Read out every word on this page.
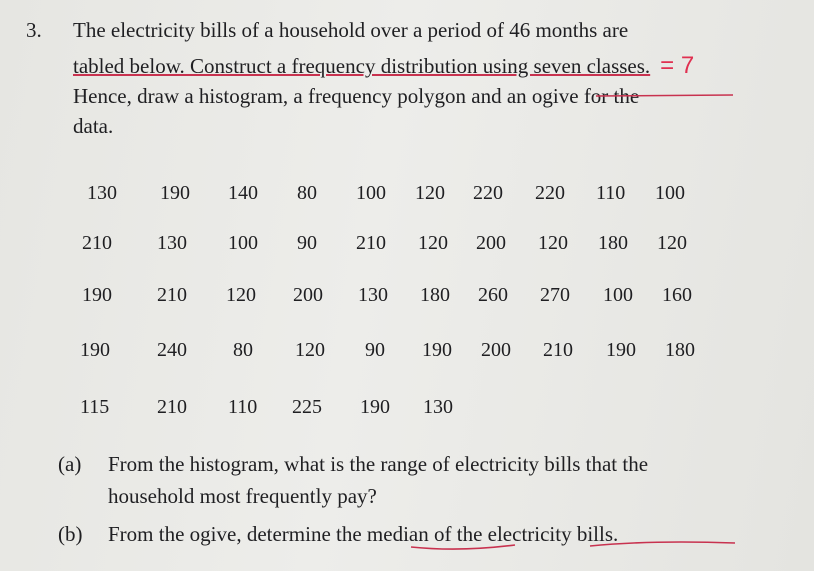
3. The electricity bills of a household over a period of 46 months are
tabled below. Construct a frequency distribution using seven classes. = 7
Hence, draw a histogram, a frequency polygon and an ogive for the
data.
130 190 140 80 100 120 220 220 110 100
210 130 100 90 210 120 200 120 180 120
190 210 120 200 130 180 260 270 100 160
190 240 80 120 90 190 200 210 190 180
115 210 110 225 190 130
(a) From the histogram, what is the range of electricity bills that the
household most frequently pay?
(b) From the ogive, determine the median of the electricity bills.
